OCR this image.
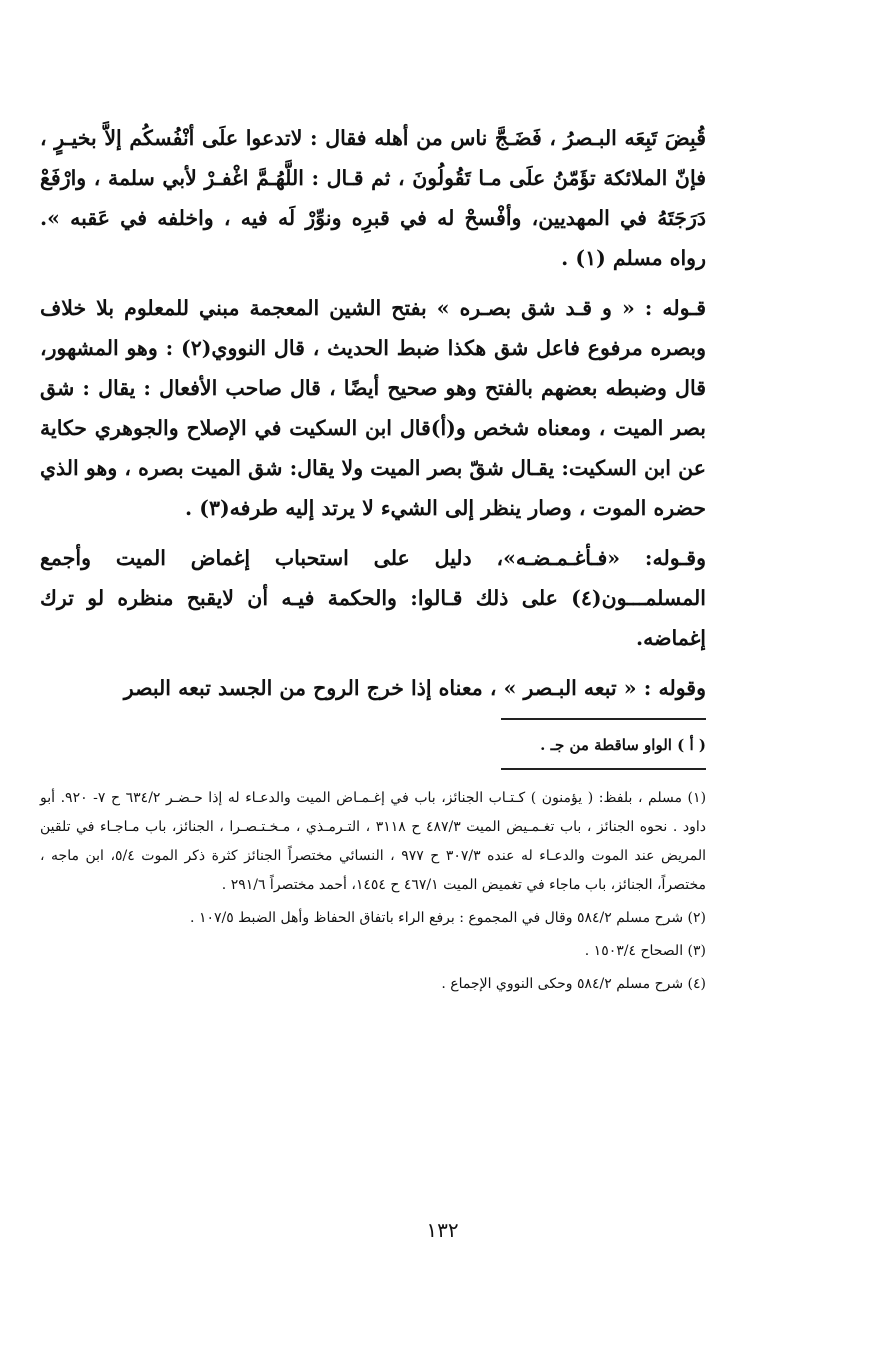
قُبِضَ تَبِعَه البـصرُ ، فَضَـجَّ ناس من أهله فقال : لاتدعوا علَى أنْفُسكُم إلاَّ بخيـرٍ ، فإنّ الملائكة تؤَمّنُ علَى مـا تَقُولُونَ ، ثم قـال : اللَّهُـمَّ اغْفـرْ لأبي سلمة ، وارْفَعْ دَرَجَتَهُ في المهديين، وأفْسحْ له في قبرِه ونوِّرْ لَه فيه ، واخلفه في عَقبه ». رواه مسلم (١) .

قـوله : « و قـد شق بصـره » بفتح الشين المعجمة مبني للمعلوم بلا خلاف وبصره مرفوع فاعل شق هكذا ضبط الحديث ، قال النووي(٢) : وهو المشهور، قال وضبطه بعضهم بالفتح وهو صحيح أيضًا ، قال صاحب الأفعال : يقال : شق بصر الميت ، ومعناه شخص و(أ)قال ابن السكيت في الإصلاح والجوهري حكاية عن ابن السكيت: يقـال شقّ بصر الميت ولا يقال: شق الميت بصره ، وهو الذي حضره الموت ، وصار ينظر إلى الشيء لا يرتد إليه طرفه(٣) .

وقـوله: «فـأغـمـضـه»، دليل على استحباب إغماض الميت وأجمع المسلمـــون(٤) على ذلك قـالوا: والحكمة فيـه أن لايقبح منظره لو ترك إغماضه.

وقوله : « تبعه البـصر » ، معناه إذا خرج الروح من الجسد تبعه البصر

( أ ) الواو ساقطة من جـ .

(١) مسلم ، بلفظ: ( يؤمنون ) كـتـاب الجنائز، باب في إغـمـاض الميت والدعـاء له إذا حـضـر ٦٣٤/٢ ح ٧- ٩٢٠. أبو داود . نحوه الجنائز ، باب تغـمـيض الميت ٤٨٧/٣ ح ٣١١٨ ، التـرمـذي ، مـخـتـصـرا ، الجنائز، باب مـاجـاء في تلقين المريض عند الموت والدعـاء له عنده ٣٠٧/٣ ح ٩٧٧ ، النسائي مختصراً الجنائز كثرة ذكر الموت ٥/٤، ابن ماجه ، مختصراً، الجنائز، باب ماجاء في تغميض الميت ٤٦٧/١ ح ١٤٥٤، أحمد مختصراً ٢٩١/٦ .

(٢) شرح مسلم ٥٨٤/٢ وقال في المجموع : برفع الراء باتفاق الحفاظ وأهل الضبط ١٠٧/٥ .

(٣) الصحاح ١٥٠٣/٤ .

(٤) شرح مسلم ٥٨٤/٢ وحكى النووي الإجماع .

١٣٢
